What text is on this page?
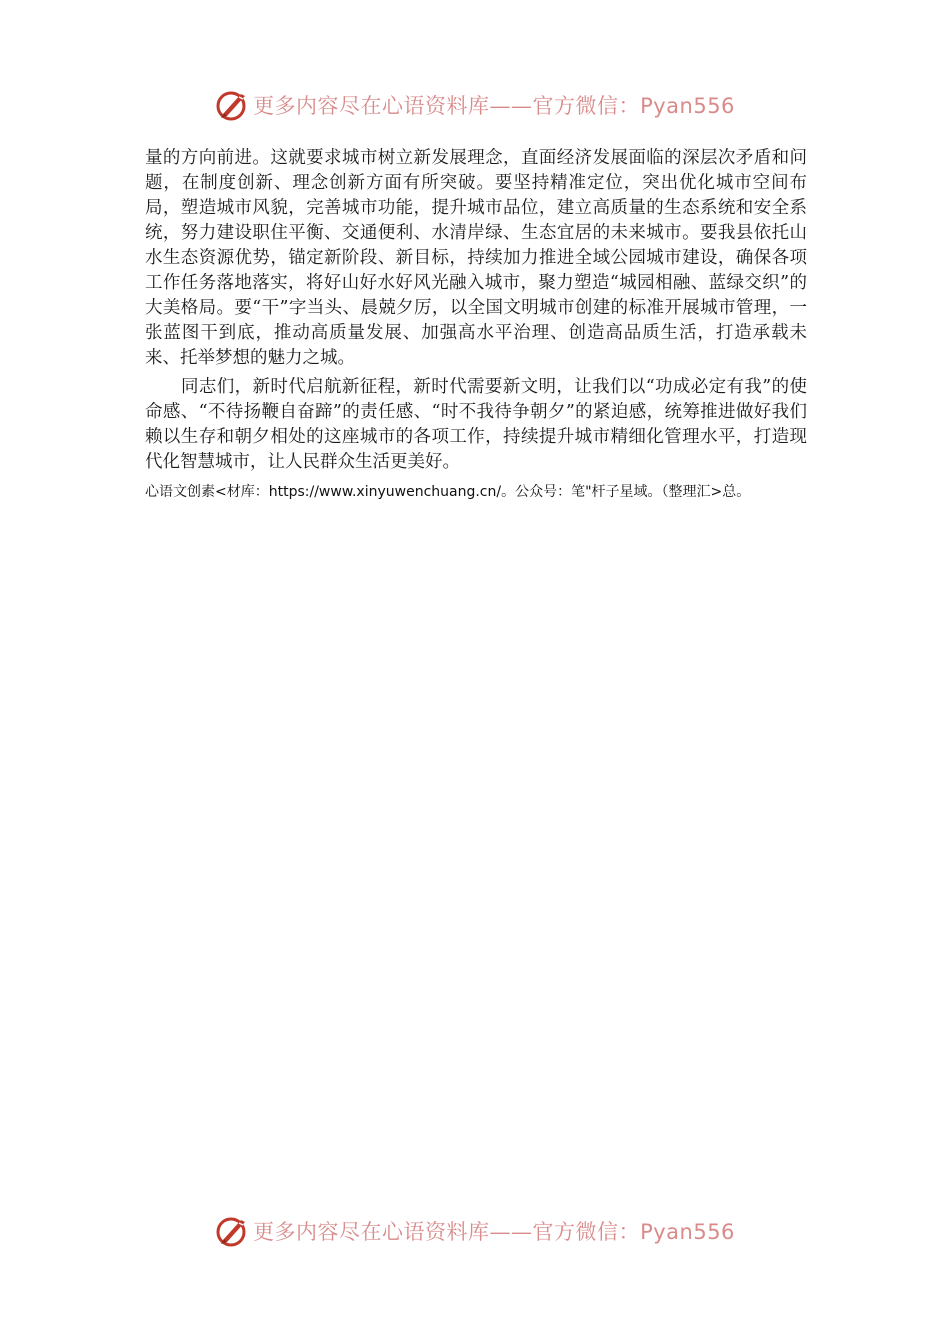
更多内容尽在心语资料库——官方微信：Pyan556

量的方向前进。这就要求城市树立新发展理念，直面经济发展面临的深层次矛盾和问题，在制度创新、理念创新方面有所突破。要坚持精准定位，突出优化城市空间布局，塑造城市风貌，完善城市功能，提升城市品位，建立高质量的生态系统和安全系统，努力建设职住平衡、交通便利、水清岸绿、生态宜居的未来城市。要我县依托山水生态资源优势，锚定新阶段、新目标，持续加力推进全域公园城市建设，确保各项工作任务落地落实，将好山好水好风光融入城市，聚力塑造“城园相融、蓝绿交织”的大美格局。要“干”字当头、晨兢夕厉，以全国文明城市创建的标准开展城市管理，一张蓝图干到底，推动高质量发展、加强高水平治理、创造高品质生活，打造承载未来、托举梦想的魅力之城。

同志们，新时代启航新征程，新时代需要新文明，让我们以“功成必定有我”的使命感、“不待扬鞭自奋蹄”的责任感、“时不我待争朝夕”的紧迫感，统筹推进做好我们赖以生存和朝夕相处的这座城市的各项工作，持续提升城市精细化管理水平，打造现代化智慧城市，让人民群众生活更美好。

心语文创素<材库：https://www.xinyuwenchuang.cn/。公众号：笔"杆子星域。（整理汇>总。
更多内容尽在心语资料库——官方微信：Pyan556
